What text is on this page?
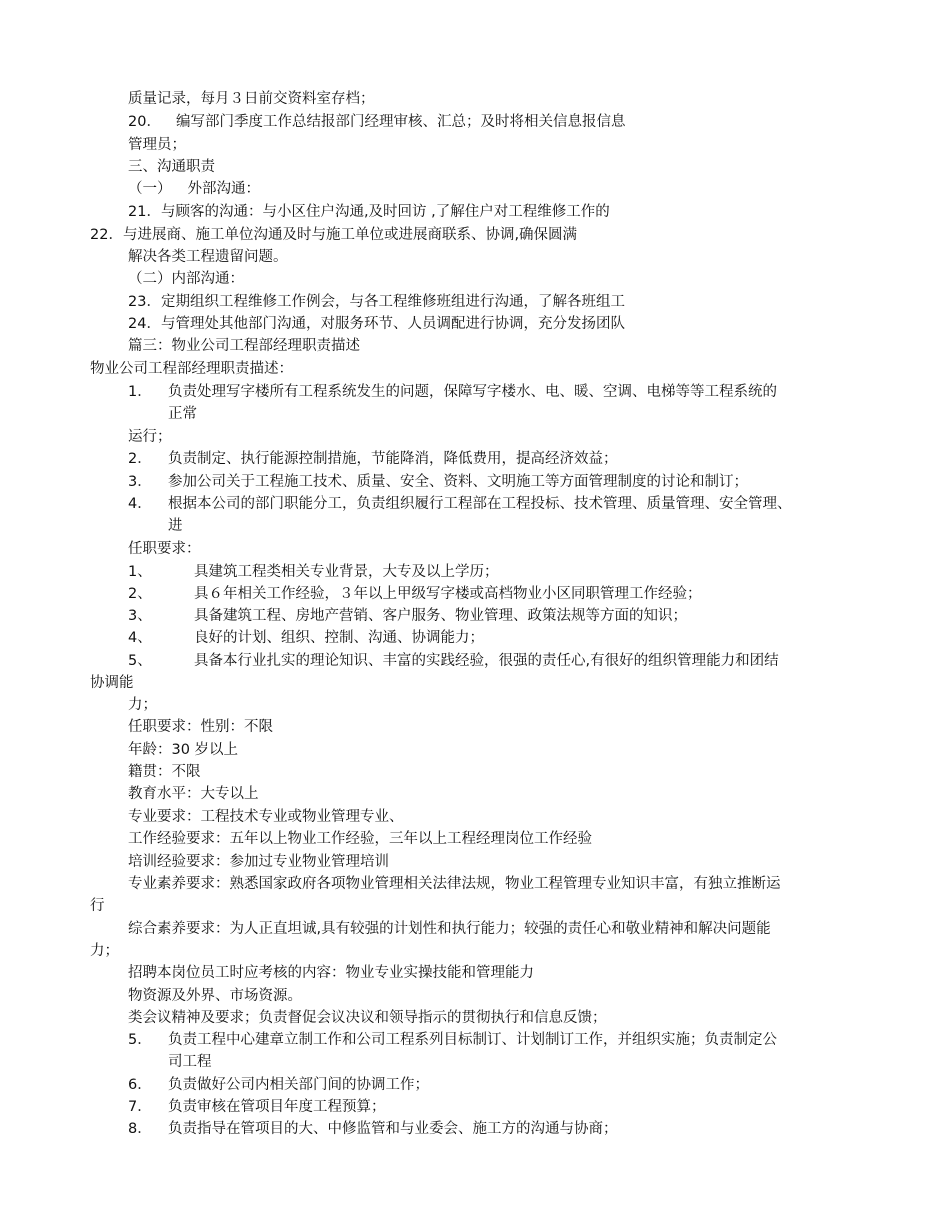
质量记录，每月３日前交资料室存档；
20． 编写部门季度工作总结报部门经理审核、汇总；及时将相关信息报信息
管理员；
三、沟通职责
（一） 外部沟通：
21．与顾客的沟通：与小区住户沟通,及时回访 ,了解住户对工程维修工作的
22．与进展商、施工单位沟通及时与施工单位或进展商联系、协调,确保圆满
解决各类工程遗留问题。
（二）内部沟通：
23．定期组织工程维修工作例会，与各工程维修班组进行沟通，了解各班组工
24．与管理处其他部门沟通，对服务环节、人员调配进行协调，充分发扬团队
篇三：物业公司工程部经理职责描述
物业公司工程部经理职责描述：
1． 负责处理写字楼所有工程系统发生的问题，保障写字楼水、电、暖、空调、电梯等等工程系统的
正常
运行；
2． 负责制定、执行能源控制措施，节能降消，降低费用，提高经济效益；
3． 参加公司关于工程施工技术、质量、安全、资料、文明施工等方面管理制度的讨论和制订；
4． 根据本公司的部门职能分工，负责组织履行工程部在工程投标、技术管理、质量管理、安全管理、
进
任职要求：
1、	具建筑工程类相关专业背景，大专及以上学历；
2、	具６年相关工作经验，３年以上甲级写字楼或高档物业小区同职管理工作经验；
3、	具备建筑工程、房地产营销、客户服务、物业管理、政策法规等方面的知识；
4、	良好的计划、组织、控制、沟通、协调能力；
5、	具备本行业扎实的理论知识、丰富的实践经验，很强的责任心,有很好的组织管理能力和团结
协调能
力；
任职要求：性别：不限
年龄：30 岁以上
籍贯：不限
教育水平：大专以上
专业要求：工程技术专业或物业管理专业、
工作经验要求：五年以上物业工作经验，三年以上工程经理岗位工作经验
培训经验要求：参加过专业物业管理培训
专业素养要求：熟悉国家政府各项物业管理相关法律法规，物业工程管理专业知识丰富，有独立推断运
行
综合素养要求：为人正直坦诚,具有较强的计划性和执行能力；较强的责任心和敬业精神和解决问题能
力；
招聘本岗位员工时应考核的内容：物业专业实操技能和管理能力
物资源及外界、市场资源。
类会议精神及要求；负责督促会议决议和领导指示的贯彻执行和信息反馈；
5． 负责工程中心建章立制工作和公司工程系列目标制订、计划制订工作，并组织实施；负责制定公
司工程
6． 负责做好公司内相关部门间的协调工作；
7． 负责审核在管项目年度工程预算；
8． 负责指导在管项目的大、中修监管和与业委会、施工方的沟通与协商；
